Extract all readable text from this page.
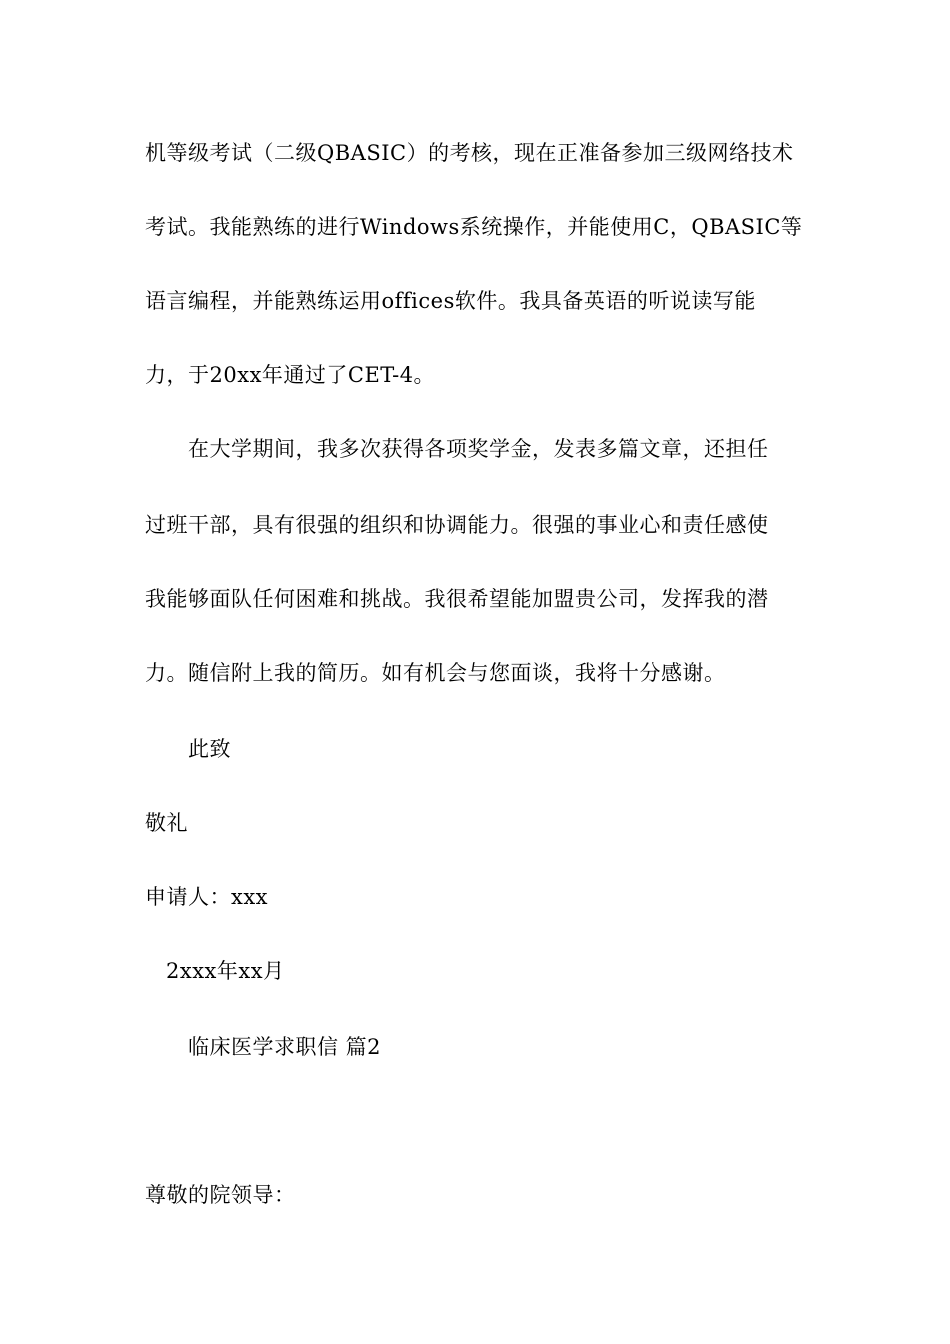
机等级考试（二级QBASIC）的考核，现在正准备参加三级网络技术
考试。我能熟练的进行Windows系统操作，并能使用C，QBASIC等
语言编程，并能熟练运用offices软件。我具备英语的听说读写能
力，于20xx年通过了CET-4。
在大学期间，我多次获得各项奖学金，发表多篇文章，还担任
过班干部，具有很强的组织和协调能力。很强的事业心和责任感使
我能够面队任何困难和挑战。我很希望能加盟贵公司，发挥我的潜
力。随信附上我的简历。如有机会与您面谈，我将十分感谢。
此致
敬礼
申请人：xxx
2xxx年xx月
临床医学求职信 篇2
尊敬的院领导：
